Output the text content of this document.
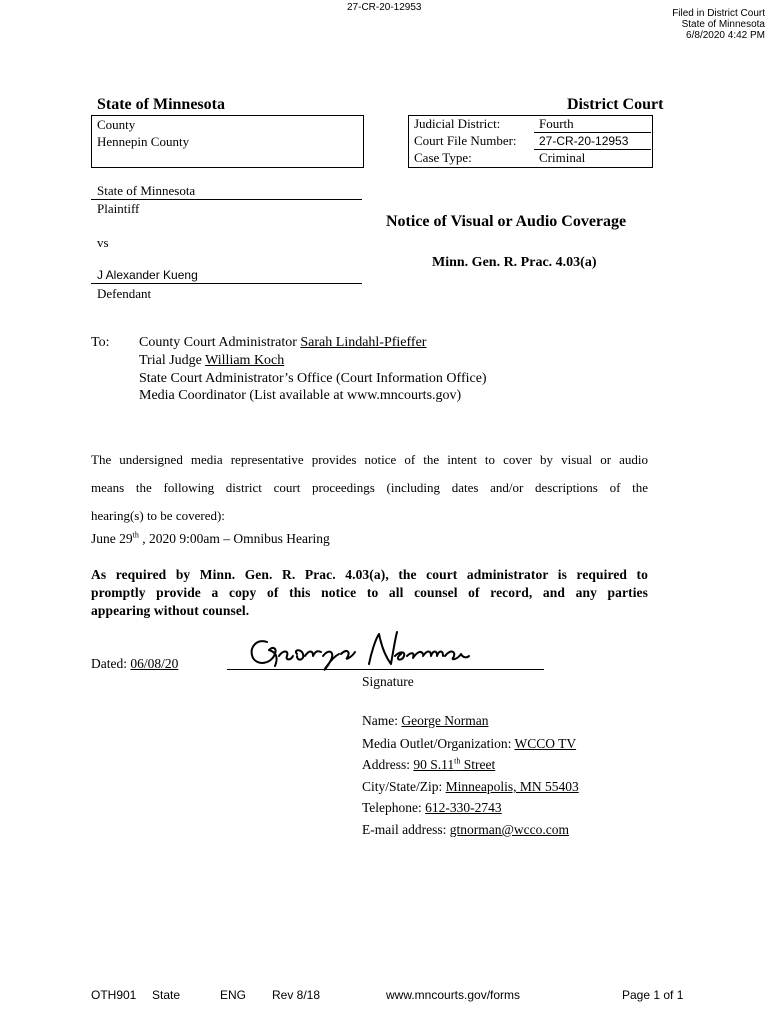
27-CR-20-12953
Filed in District Court
State of Minnesota
6/8/2020 4:42 PM
State of Minnesota	District Court
County
Hennepin County
Judicial District:	Fourth
Court File Number: 27-CR-20-12953
Case Type:	Criminal
State of Minnesota
Plaintiff
vs
J Alexander Kueng
Defendant
Notice of Visual or Audio Coverage
Minn. Gen. R. Prac. 4.03(a)
To: County Court Administrator Sarah Lindahl-Pfieffer
Trial Judge William Koch
State Court Administrator’s Office (Court Information Office)
Media Coordinator (List available at www.mncourts.gov)
The undersigned media representative provides notice of the intent to cover by visual or audio
means the following district court proceedings (including dates and/or descriptions of the
hearing(s) to be covered):
June 29th , 2020 9:00am – Omnibus Hearing
As required by Minn. Gen. R. Prac. 4.03(a), the court administrator is required to
promptly provide a copy of this notice to all counsel of record, and any parties
appearing without counsel.
Dated: 06/08/20
Signature
Name: George Norman
Media Outlet/Organization: WCCO TV
Address: 90 S.11th Street
City/State/Zip: Minneapolis, MN 55403
Telephone: 612-330-2743
E-mail address: gtnorman@wcco.com
OTH901 State	ENG Rev 8/18	www.mncourts.gov/forms	Page 1 of 1
